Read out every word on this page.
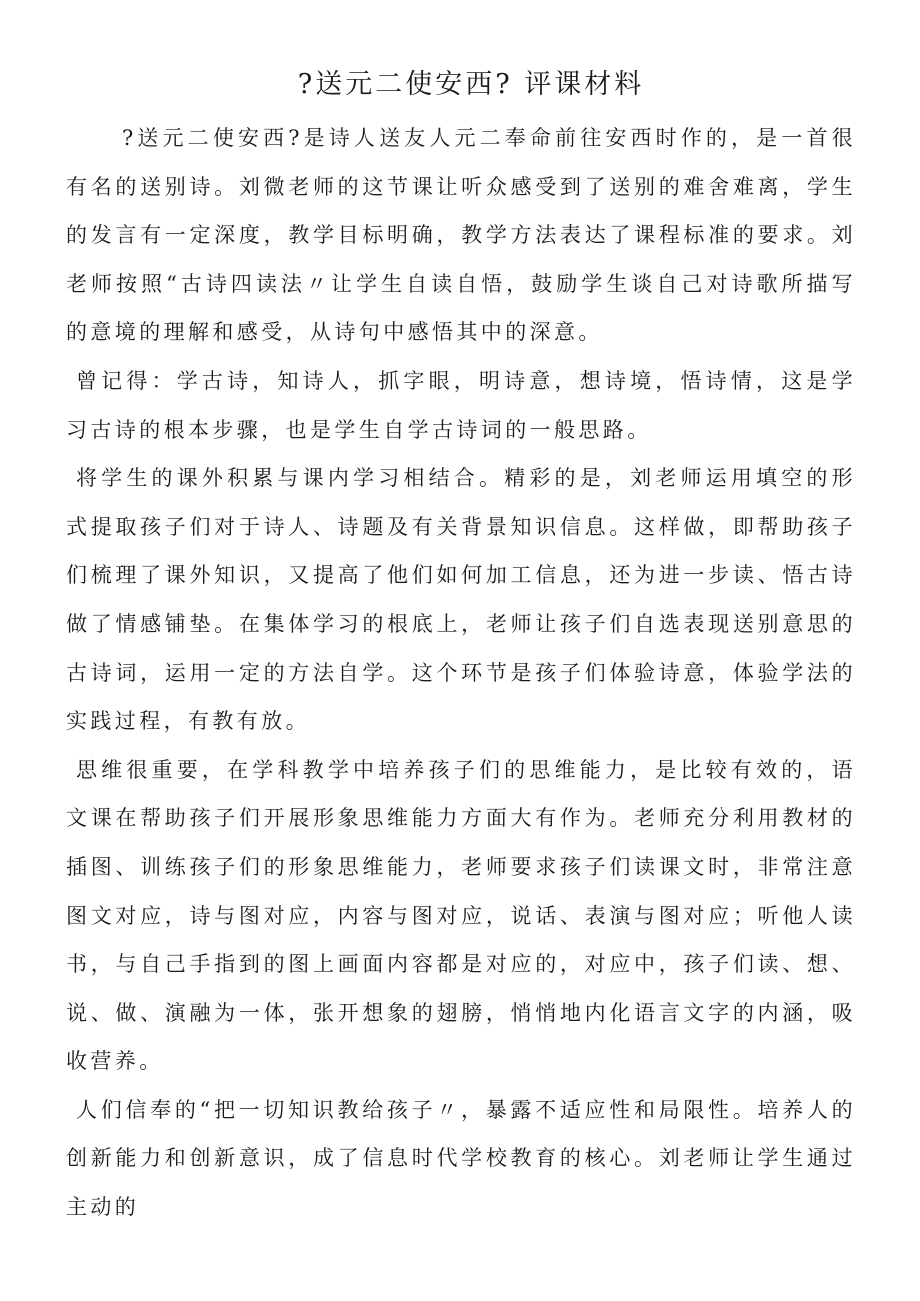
?送元二使安西? 评课材料

?送元二使安西?是诗人送友人元二奉命前往安西时作的，是一首很有名的送别诗。刘微老师的这节课让听众感受到了送别的难舍难离，学生的发言有一定深度，教学目标明确，教学方法表达了课程标准的要求。刘老师按照“古诗四读法〃让学生自读自悟，鼓励学生谈自己对诗歌所描写的意境的理解和感受，从诗句中感悟其中的深意。

曾记得：学古诗，知诗人，抓字眼，明诗意，想诗境，悟诗情，这是学习古诗的根本步骤，也是学生自学古诗词的一般思路。

将学生的课外积累与课内学习相结合。精彩的是，刘老师运用填空的形式提取孩子们对于诗人、诗题及有关背景知识信息。这样做，即帮助孩子们梳理了课外知识，又提高了他们如何加工信息，还为进一步读、悟古诗做了情感铺垫。在集体学习的根底上，老师让孩子们自选表现送别意思的古诗词，运用一定的方法自学。这个环节是孩子们体验诗意，体验学法的实践过程，有教有放。

思维很重要，在学科教学中培养孩子们的思维能力，是比较有效的，语文课在帮助孩子们开展形象思维能力方面大有作为。老师充分利用教材的插图、训练孩子们的形象思维能力，老师要求孩子们读课文时，非常注意图文对应，诗与图对应，内容与图对应，说话、表演与图对应；听他人读书，与自己手指到的图上画面内容都是对应的，对应中，孩子们读、想、说、做、演融为一体，张开想象的翅膀，悄悄地内化语言文字的内涵，吸收营养。

人们信奉的“把一切知识教给孩子〃，暴露不适应性和局限性。培养人的创新能力和创新意识，成了信息时代学校教育的核心。刘老师让学生通过主动的
